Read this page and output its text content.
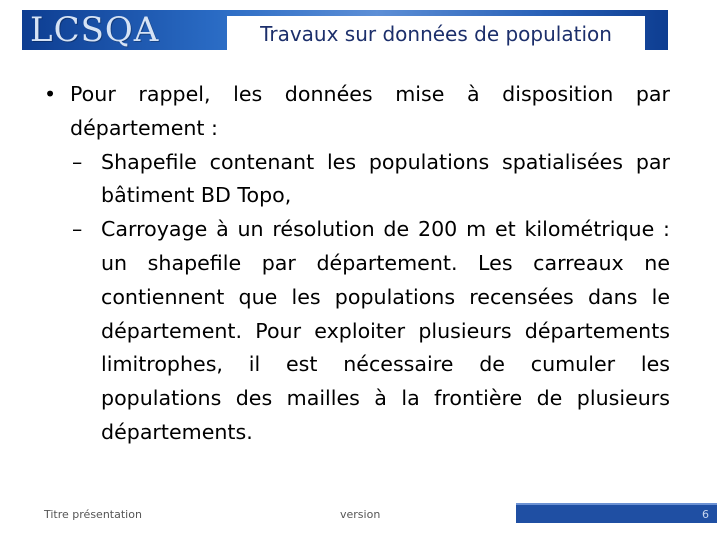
LCSQA	Travaux sur données de population
• Pour rappel, les données mise à disposition par département :
– Shapefile contenant les populations spatialisées par bâtiment BD Topo,
– Carroyage à un résolution de 200 m et kilométrique : un shapefile par département. Les carreaux ne contiennent que les populations recensées dans le département. Pour exploiter plusieurs départements limitrophes, il est nécessaire de cumuler les populations des mailles à la frontière de plusieurs départements.
Titre présentation	version	6
